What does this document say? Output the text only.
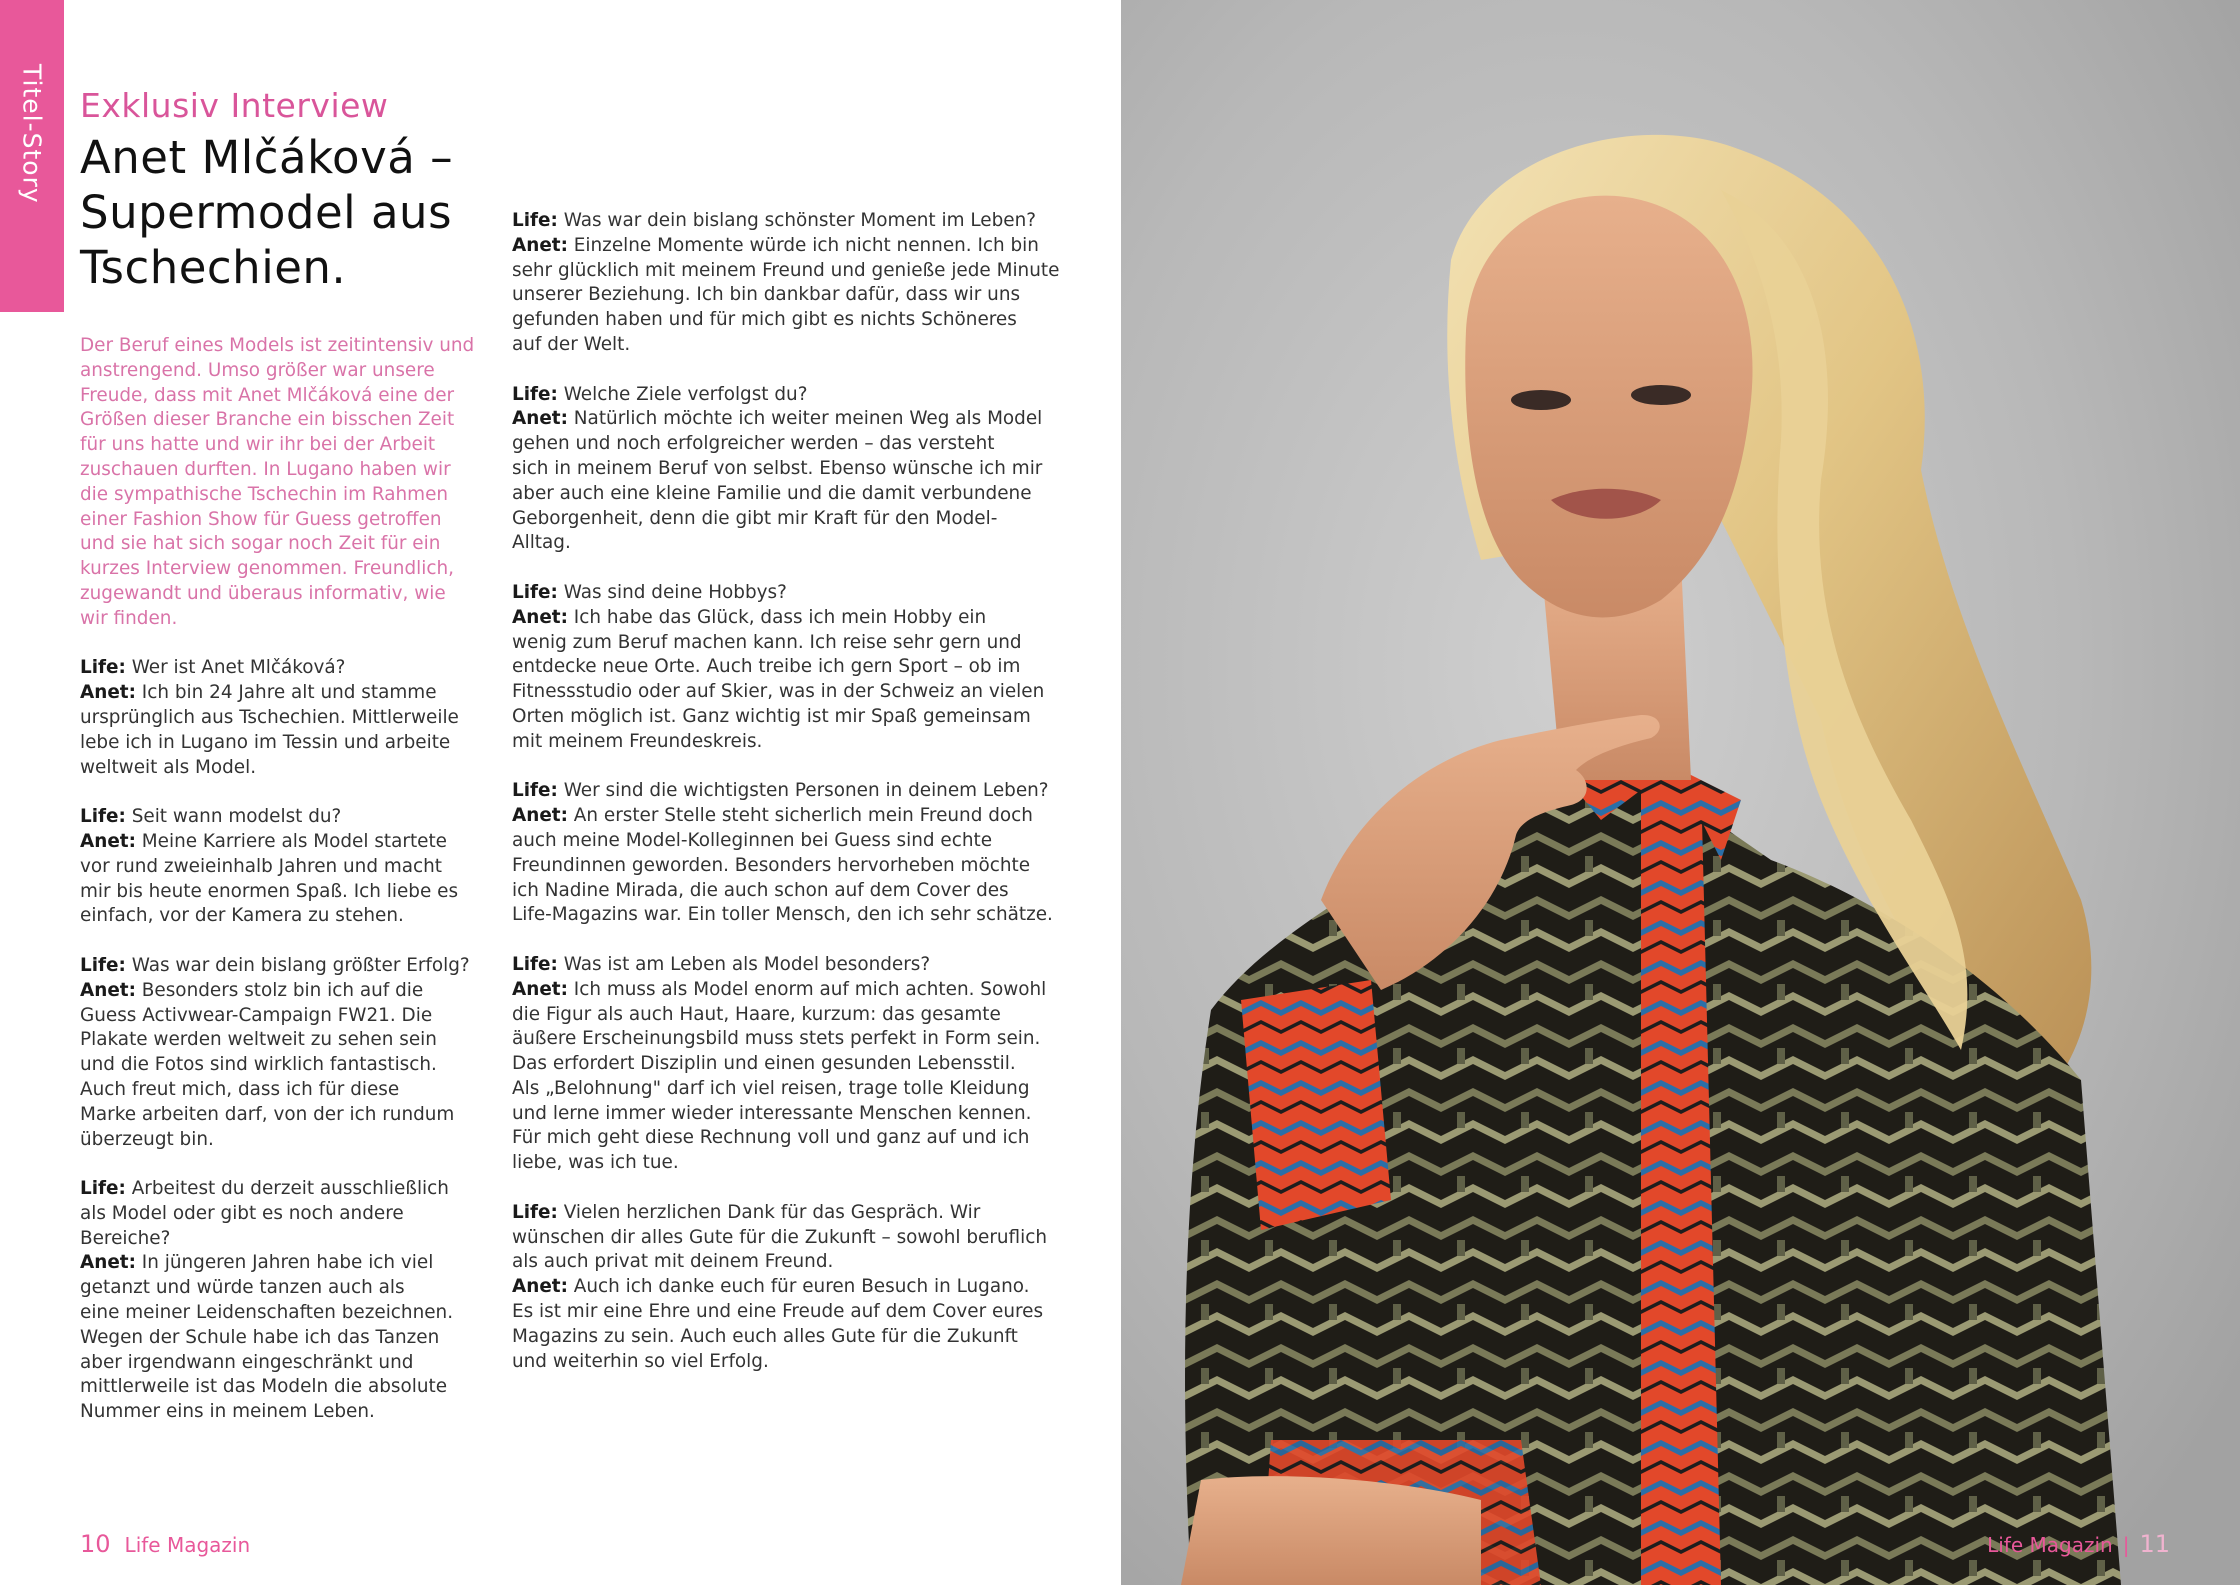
Titel-Story Exklusiv Interview
Anet Mlčáková –
Supermodel aus
Tschechien.

Der Beruf eines Models ist zeitintensiv und
anstrengend. Umso größer war unsere
Freude, dass mit Anet Mlčáková eine der
Größen dieser Branche ein bisschen Zeit
für uns hatte und wir ihr bei der Arbeit
zuschauen durften. In Lugano haben wir
die sympathische Tschechin im Rahmen
einer Fashion Show für Guess getroffen
und sie hat sich sogar noch Zeit für ein
kurzes Interview genommen. Freundlich,
zugewandt und überaus informativ, wie
wir finden.

Life: Wer ist Anet Mlčáková?

Anet: Ich bin 24 Jahre alt und stamme
ursprünglich aus Tschechien. Mittlerweile
lebe ich in Lugano im Tessin und arbeite
weltweit als Model.

Life: Seit wann modelst du?

Anet: Meine Karriere als Model startete
vor rund zweieinhalb Jahren und macht
mir bis heute enormen Spaß. Ich liebe es
einfach, vor der Kamera zu stehen.

Life: Was war dein bislang größter Erfolg?

Anet: Besonders stolz bin ich auf die
Guess Activwear-Campaign FW21. Die
Plakate werden weltweit zu sehen sein
und die Fotos sind wirklich fantastisch.
Auch freut mich, dass ich für diese
Marke arbeiten darf, von der ich rundum
überzeugt bin.

Life: Arbeitest du derzeit ausschließlich
als Model oder gibt es noch andere
Bereiche?

Anet: In jüngeren Jahren habe ich viel
getanzt und würde tanzen auch als
eine meiner Leidenschaften bezeichnen.
Wegen der Schule habe ich das Tanzen
aber irgendwann eingeschränkt und
mittlerweile ist das Modeln die absolute
Nummer eins in meinem Leben.

Life: Was war dein bislang schönster Moment im Leben?

Anet: Einzelne Momente würde ich nicht nennen. Ich bin
sehr glücklich mit meinem Freund und genieße jede Minute
unserer Beziehung. Ich bin dankbar dafür, dass wir uns
gefunden haben und für mich gibt es nichts Schöneres
auf der Welt.

Life: Welche Ziele verfolgst du?

Anet: Natürlich möchte ich weiter meinen Weg als Model
gehen und noch erfolgreicher werden – das versteht
sich in meinem Beruf von selbst. Ebenso wünsche ich mir
aber auch eine kleine Familie und die damit verbundene
Geborgenheit, denn die gibt mir Kraft für den Model-
Alltag.

Life: Was sind deine Hobbys?

Anet: Ich habe das Glück, dass ich mein Hobby ein
wenig zum Beruf machen kann. Ich reise sehr gern und
entdecke neue Orte. Auch treibe ich gern Sport – ob im
Fitnessstudio oder auf Skier, was in der Schweiz an vielen
Orten möglich ist. Ganz wichtig ist mir Spaß gemeinsam
mit meinem Freundeskreis.

Life: Wer sind die wichtigsten Personen in deinem Leben?

Anet: An erster Stelle steht sicherlich mein Freund doch
auch meine Model-Kolleginnen bei Guess sind echte
Freundinnen geworden. Besonders hervorheben möchte
ich Nadine Mirada, die auch schon auf dem Cover des
Life-Magazins war. Ein toller Mensch, den ich sehr schätze.

Life: Was ist am Leben als Model besonders?

Anet: Ich muss als Model enorm auf mich achten. Sowohl
die Figur als auch Haut, Haare, kurzum: das gesamte
äußere Erscheinungsbild muss stets perfekt in Form sein.
Das erfordert Disziplin und einen gesunden Lebensstil.
Als „Belohnung" darf ich viel reisen, trage tolle Kleidung
und lerne immer wieder interessante Menschen kennen.
Für mich geht diese Rechnung voll und ganz auf und ich
liebe, was ich tue.

Life: Vielen herzlichen Dank für das Gespräch. Wir
wünschen dir alles Gute für die Zukunft – sowohl beruflich
als auch privat mit deinem Freund.

Anet: Auch ich danke euch für euren Besuch in Lugano.
Es ist mir eine Ehre und eine Freude auf dem Cover eures
Magazins zu sein. Auch euch alles Gute für die Zukunft
und weiterhin so viel Erfolg.

10 Life Magazin	Life Magazin | 11
